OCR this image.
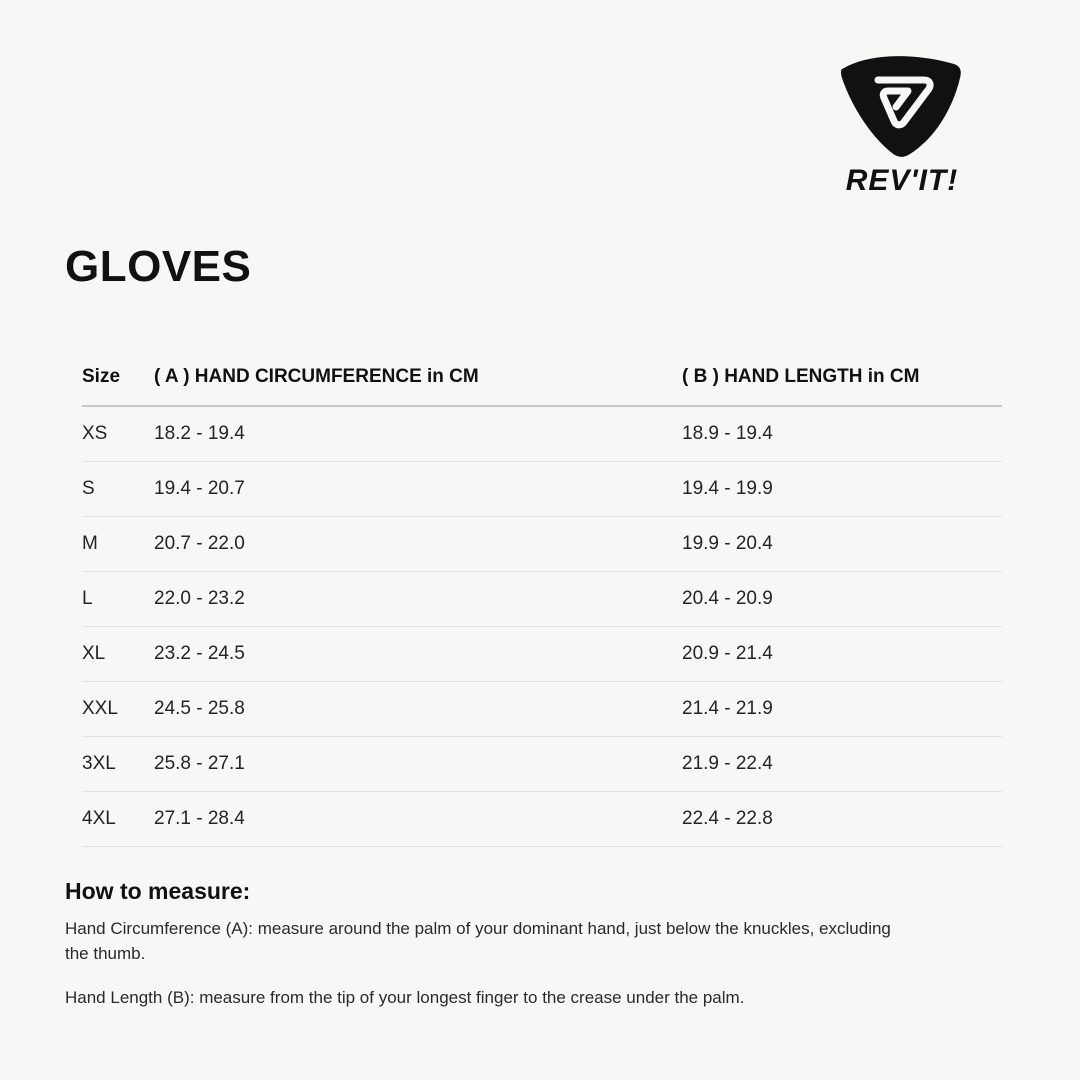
REV'IT!
GLOVES
Size	( A ) HAND CIRCUMFERENCE in CM	( B ) HAND LENGTH in CM
XS	18.2 - 19.4	18.9 - 19.4
S	19.4 - 20.7	19.4 - 19.9
M	20.7 - 22.0	19.9 - 20.4
L	22.0 - 23.2	20.4 - 20.9
XL	23.2 - 24.5	20.9 - 21.4
XXL	24.5 - 25.8	21.4 - 21.9
3XL	25.8 - 27.1	21.9 - 22.4
4XL	27.1 - 28.4	22.4 - 22.8
How to measure:

Hand Circumference (A): measure around the palm of your dominant hand, just below the knuckles, excluding the thumb.

Hand Length (B): measure from the tip of your longest finger to the crease under the palm.
